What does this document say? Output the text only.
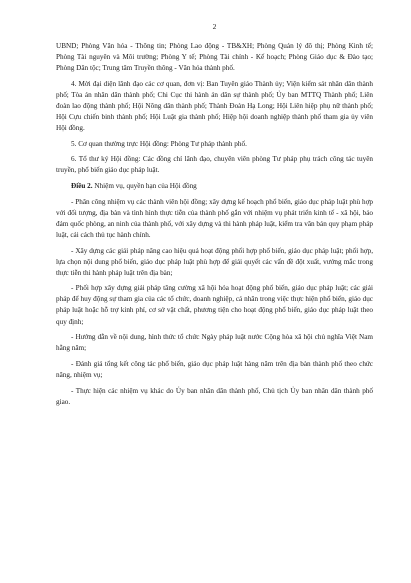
2

UBND; Phòng Văn hóa - Thông tin; Phòng Lao động - TB&XH; Phòng Quản lý đô thị; Phòng Kinh tế; Phòng Tài nguyên và Môi trường; Phòng Y tế; Phòng Tài chính - Kế hoạch; Phòng Giáo dục & Đào tạo; Phòng Dân tộc; Trung tâm Truyền thông - Văn hóa thành phố.

4. Mời đại diện lãnh đạo các cơ quan, đơn vị: Ban Tuyên giáo Thành ủy; Viện kiểm sát nhân dân thành phố; Tòa án nhân dân thành phố; Chi Cục thi hành án dân sự thành phố; Ủy ban MTTQ Thành phố; Liên đoàn lao động thành phố; Hội Nông dân thành phố; Thành Đoàn Hạ Long; Hội Liên hiệp phụ nữ thành phố; Hội Cựu chiến binh thành phố; Hội Luật gia thành phố; Hiệp hội doanh nghiệp thành phố tham gia ủy viên Hội đồng.

5. Cơ quan thường trực Hội đồng: Phòng Tư pháp thành phố.

6. Tổ thư ký Hội đồng: Các đồng chí lãnh đạo, chuyên viên phòng Tư pháp phụ trách công tác tuyên truyền, phổ biến giáo dục pháp luật.

Điều 2. Nhiệm vụ, quyền hạn của Hội đồng

- Phân công nhiệm vụ các thành viên hội đồng; xây dựng kế hoạch phổ biến, giáo dục pháp luật phù hợp với đối tượng, địa bàn và tình hình thực tiễn của thành phố gắn với nhiệm vụ phát triển kinh tế - xã hội, bảo đảm quốc phòng, an ninh của thành phố, với xây dựng và thi hành pháp luật, kiểm tra văn bản quy phạm pháp luật, cải cách thủ tục hành chính.

- Xây dựng các giải pháp nâng cao hiệu quả hoạt động phối hợp phổ biến, giáo dục pháp luật; phối hợp, lựa chọn nội dung phổ biến, giáo dục pháp luật phù hợp để giải quyết các vấn đề đột xuất, vướng mắc trong thực tiễn thi hành pháp luật trên địa bàn;

- Phối hợp xây dựng giải pháp tăng cường xã hội hóa hoạt động phổ biến, giáo dục pháp luật; các giải pháp để huy động sự tham gia của các tổ chức, doanh nghiệp, cá nhân trong việc thực hiện phổ biến, giáo dục pháp luật hoặc hỗ trợ kinh phí, cơ sở vật chất, phương tiện cho hoạt động phổ biến, giáo dục pháp luật theo quy định;

- Hướng dẫn về nội dung, hình thức tổ chức Ngày pháp luật nước Cộng hòa xã hội chủ nghĩa Việt Nam hằng năm;

- Đánh giá tổng kết công tác phổ biến, giáo dục pháp luật hàng năm trên địa bàn thành phố theo chức năng, nhiệm vụ;

- Thực hiện các nhiệm vụ khác do Ủy ban nhân dân thành phố, Chủ tịch Ủy ban nhân dân thành phố giao.
